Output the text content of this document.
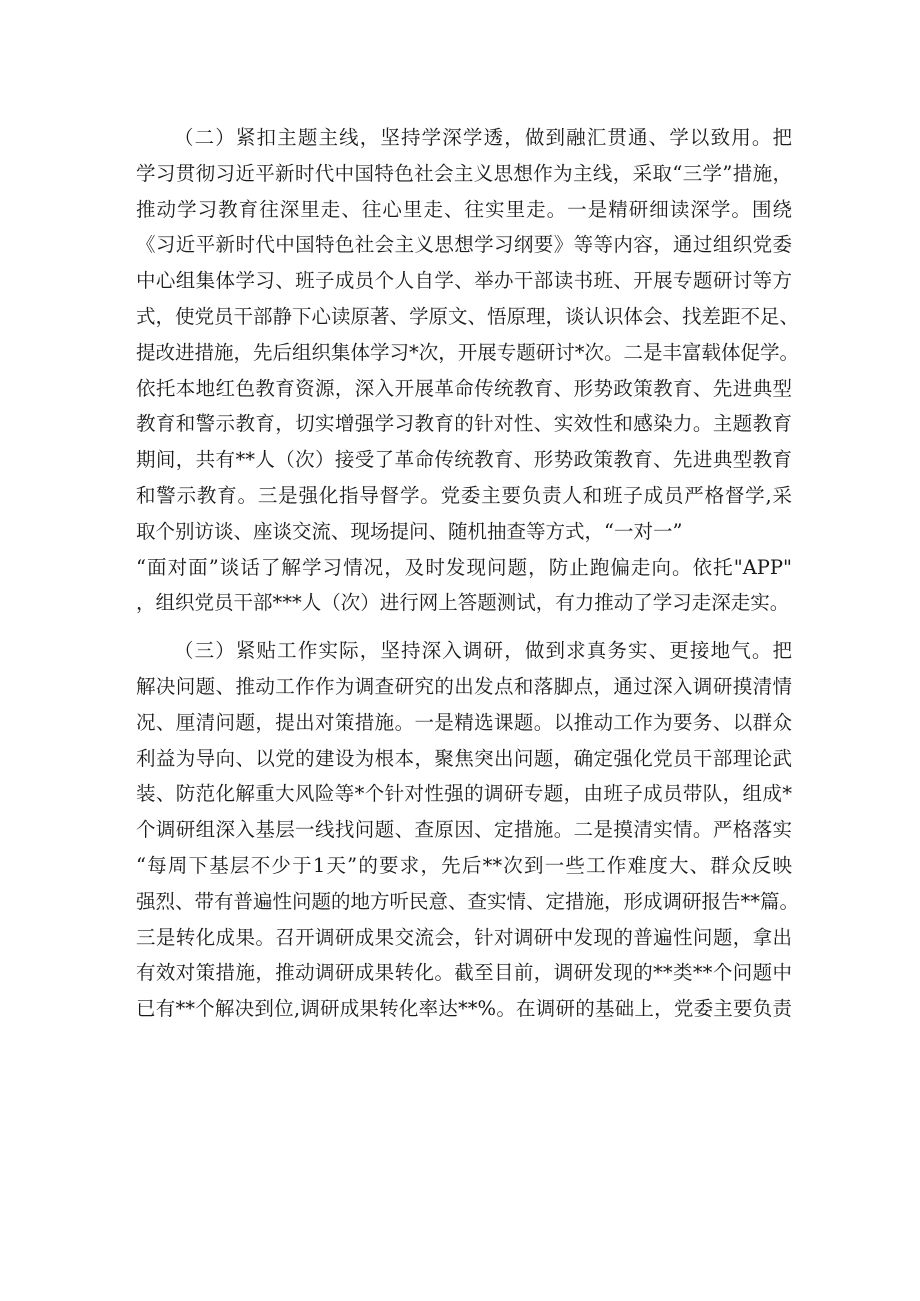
（二）紧扣主题主线，坚持学深学透，做到融汇贯通、学以致用。把
学习贯彻习近平新时代中国特色社会主义思想作为主线，采取“三学”措施，
推动学习教育往深里走、往心里走、往实里走。一是精研细读深学。围绕
《习近平新时代中国特色社会主义思想学习纲要》等等内容，通过组织党委
中心组集体学习、班子成员个人自学、举办干部读书班、开展专题研讨等方
式，使党员干部静下心读原著、学原文、悟原理，谈认识体会、找差距不足、
提改进措施，先后组织集体学习*次，开展专题研讨*次。二是丰富载体促学。
依托本地红色教育资源，深入开展革命传统教育、形势政策教育、先进典型
教育和警示教育，切实增强学习教育的针对性、实效性和感染力。主题教育
期间，共有**人（次）接受了革命传统教育、形势政策教育、先进典型教育
和警示教育。三是强化指导督学。党委主要负责人和班子成员严格督学,采
取个别访谈、座谈交流、现场提问、随机抽查等方式，“一对一”
“面对面”谈话了解学习情况，及时发现问题，防止跑偏走向。依托"APP"
，组织党员干部***人（次）进行网上答题测试，有力推动了学习走深走实。
（三）紧贴工作实际，坚持深入调研，做到求真务实、更接地气。把
解决问题、推动工作作为调查研究的出发点和落脚点，通过深入调研摸清情
况、厘清问题，提出对策措施。一是精选课题。以推动工作为要务、以群众
利益为导向、以党的建设为根本，聚焦突出问题，确定强化党员干部理论武
装、防范化解重大风险等*个针对性强的调研专题，由班子成员带队，组成*
个调研组深入基层一线找问题、查原因、定措施。二是摸清实情。严格落实
“每周下基层不少于1天”的要求，先后**次到一些工作难度大、群众反映
强烈、带有普遍性问题的地方听民意、查实情、定措施，形成调研报告**篇。
三是转化成果。召开调研成果交流会，针对调研中发现的普遍性问题，拿出
有效对策措施，推动调研成果转化。截至目前，调研发现的**类**个问题中
已有**个解决到位,调研成果转化率达**%。在调研的基础上，党委主要负责
